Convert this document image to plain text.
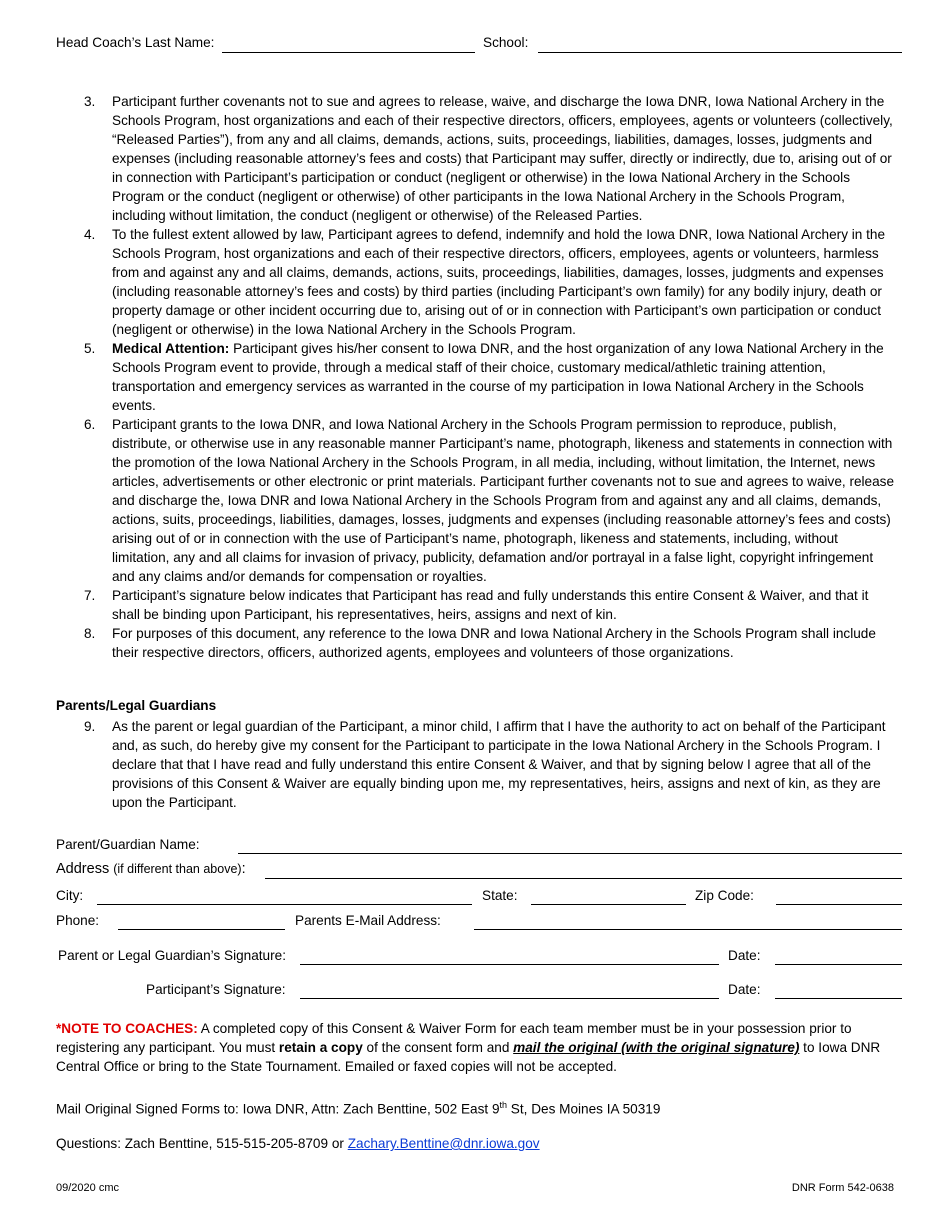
Head Coach’s Last Name:	School:
3. Participant further covenants not to sue and agrees to release, waive, and discharge the Iowa DNR, Iowa National Archery in the Schools Program, host organizations and each of their respective directors, officers, employees, agents or volunteers (collectively, “Released Parties”), from any and all claims, demands, actions, suits, proceedings, liabilities, damages, losses, judgments and expenses (including reasonable attorney’s fees and costs) that Participant may suffer, directly or indirectly, due to, arising out of or in connection with Participant’s participation or conduct (negligent or otherwise) in the Iowa National Archery in the Schools Program or the conduct (negligent or otherwise) of other participants in the Iowa National Archery in the Schools Program, including without limitation, the conduct (negligent or otherwise) of the Released Parties.
4. To the fullest extent allowed by law, Participant agrees to defend, indemnify and hold the Iowa DNR, Iowa National Archery in the Schools Program, host organizations and each of their respective directors, officers, employees, agents or volunteers, harmless from and against any and all claims, demands, actions, suits, proceedings, liabilities, damages, losses, judgments and expenses (including reasonable attorney’s fees and costs) by third parties (including Participant’s own family) for any bodily injury, death or property damage or other incident occurring due to, arising out of or in connection with Participant’s own participation or conduct (negligent or otherwise) in the Iowa National Archery in the Schools Program.
5. Medical Attention: Participant gives his/her consent to Iowa DNR, and the host organization of any Iowa National Archery in the Schools Program event to provide, through a medical staff of their choice, customary medical/athletic training attention, transportation and emergency services as warranted in the course of my participation in Iowa National Archery in the Schools events.
6. Participant grants to the Iowa DNR, and Iowa National Archery in the Schools Program permission to reproduce, publish, distribute, or otherwise use in any reasonable manner Participant’s name, photograph, likeness and statements in connection with the promotion of the Iowa National Archery in the Schools Program, in all media, including, without limitation, the Internet, news articles, advertisements or other electronic or print materials. Participant further covenants not to sue and agrees to waive, release and discharge the, Iowa DNR and Iowa National Archery in the Schools Program from and against any and all claims, demands, actions, suits, proceedings, liabilities, damages, losses, judgments and expenses (including reasonable attorney’s fees and costs) arising out of or in connection with the use of Participant’s name, photograph, likeness and statements, including, without limitation, any and all claims for invasion of privacy, publicity, defamation and/or portrayal in a false light, copyright infringement and any claims and/or demands for compensation or royalties.
7. Participant’s signature below indicates that Participant has read and fully understands this entire Consent & Waiver, and that it shall be binding upon Participant, his representatives, heirs, assigns and next of kin.
8. For purposes of this document, any reference to the Iowa DNR and Iowa National Archery in the Schools Program shall include their respective directors, officers, authorized agents, employees and volunteers of those organizations.
Parents/Legal Guardians
9. As the parent or legal guardian of the Participant, a minor child, I affirm that I have the authority to act on behalf of the Participant and, as such, do hereby give my consent for the Participant to participate in the Iowa National Archery in the Schools Program. I declare that that I have read and fully understand this entire Consent & Waiver, and that by signing below I agree that all of the provisions of this Consent & Waiver are equally binding upon me, my representatives, heirs, assigns and next of kin, as they are upon the Participant.
Parent/Guardian Name:
Address (if different than above):
City:	State:	Zip Code:
Phone:	Parents E-Mail Address:
Parent or Legal Guardian’s Signature:	Date:
Participant’s Signature:	Date:

*NOTE TO COACHES: A completed copy of this Consent & Waiver Form for each team member must be in your possession prior to registering any participant. You must retain a copy of the consent form and mail the original (with the original signature) to Iowa DNR Central Office or bring to the State Tournament. Emailed or faxed copies will not be accepted.

Mail Original Signed Forms to: Iowa DNR, Attn: Zach Benttine, 502 East 9th St, Des Moines IA 50319

Questions: Zach Benttine, 515-515-205-8709 or Zachary.Benttine@dnr.iowa.gov

09/2020 cmc	DNR Form 542-0638
